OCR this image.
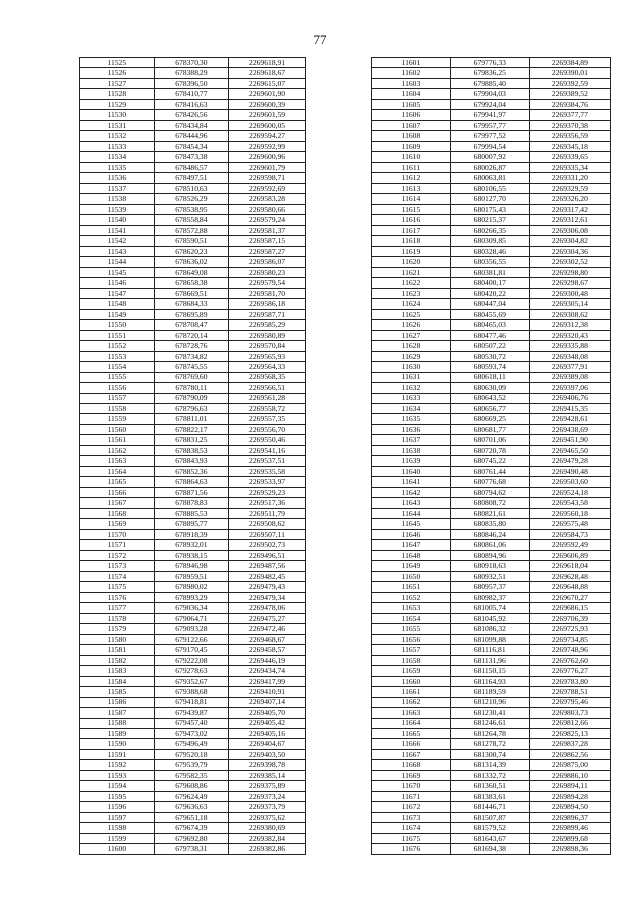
77
11525	678370,30	2269618,91
11526	678388,29	2269618,67
11527	678396,50	2269615,07
11528	678410,77	2269601,90
11529	678416,63	2269600,39
11530	678426,56	2269601,59
11531	678434,84	2269600,05
11532	678444,96	2269594,27
11533	678454,34	2269592,99
11534	678473,38	2269600,96
11535	678486,57	2269601,79
11536	678497,51	2269598,71
11537	678510,63	2269592,69
11538	678526,29	2269583,28
11539	678538,95	2269580,66
11540	678558,84	2269579,24
11541	678572,88	2269581,37
11542	678590,51	2269587,15
11543	678620,23	2269587,27
11544	678636,02	2269586,07
11545	678649,08	2269580,23
11546	678658,38	2269579,54
11547	678669,51	2269581,70
11548	678684,33	2269586,18
11549	678695,89	2269587,71
11550	678708,47	2269585,29
11551	678720,14	2269580,89
11552	678728,76	2269570,84
11553	678734,82	2269565,93
11554	678745,55	2269564,33
11555	678769,60	2269568,35
11556	678780,11	2269566,51
11557	678790,09	2269561,28
11558	678796,63	2269558,72
11559	678811,01	2269557,35
11560	678822,17	2269556,70
11561	678831,25	2269550,46
11562	678838,53	2269541,16
11563	678843,93	2269537,51
11564	678852,36	2269535,58
11565	678864,63	2269533,97
11566	678871,56	2269529,23
11567	678878,83	2269517,36
11568	678885,53	2269511,79
11569	678895,77	2269508,62
11570	678918,39	2269507,11
11571	678932,01	2269502,73
11572	678938,15	2269496,51
11573	678946,98	2269487,56
11574	678959,51	2269482,45
11575	678980,02	2269479,43
11576	678993,29	2269479,34
11577	679036,34	2269478,06
11578	679064,71	2269475,27
11579	679093,28	2269472,46
11580	679122,66	2269468,67
11581	679170,45	2269458,57
11582	679222,08	2269446,19
11583	679278,63	2269434,74
11584	679352,67	2269417,99
11585	679388,68	2269410,91
11586	679418,81	2269407,14
11587	679439,87	2269405,70
11588	679457,40	2269405,42
11589	679473,02	2269405,16
11590	679496,49	2269404,67
11591	679520,18	2269403,50
11592	679539,79	2269398,78
11593	679582,35	2269385,14
11594	679608,86	2269375,89
11595	679624,49	2269373,24
11596	679636,63	2269373,79
11597	679651,18	2269375,62
11598	679674,39	2269380,69
11599	679692,80	2269382,84
11600	679738,31	2269382,86
11601	679776,33	2269384,89
11602	679836,25	2269390,01
11603	679885,40	2269392,59
11604	679904,03	2269389,52
11605	679924,04	2269384,76
11606	679941,97	2269377,77
11607	679957,77	2269370,38
11608	679977,52	2269356,59
11609	679994,54	2269345,18
11610	680007,92	2269339,65
11611	680026,87	2269335,34
11612	680063,81	2269331,20
11613	680106,55	2269329,59
11614	680127,70	2269326,20
11615	680175,43	2269317,42
11616	680215,37	2269312,61
11617	680266,35	2269306,08
11618	680309,85	2269304,82
11619	680328,46	2269304,36
11620	680356,55	2269302,52
11621	680381,81	2269298,80
11622	680400,17	2269298,67
11623	680420,22	2269300,48
11624	680447,04	2269305,14
11625	680455,69	2269308,62
11626	680465,03	2269312,38
11627	680477,46	2269320,43
11628	680507,22	2269335,88
11629	680530,72	2269348,08
11630	680593,74	2269377,91
11631	680618,11	2269389,08
11632	680630,09	2269397,06
11633	680643,52	2269406,76
11634	680656,77	2269415,35
11635	680669,25	2269428,61
11636	680681,77	2269438,69
11637	680701,06	2269451,90
11638	680720,78	2269465,50
11639	680745,22	2269479,28
11640	680761,44	2269490,48
11641	680776,68	2269503,60
11642	680794,62	2269524,18
11643	680808,72	2269543,58
11644	680821,61	2269560,18
11645	680835,80	2269575,48
11646	680846,24	2269584,73
11647	680861,06	2269592,49
11648	680894,96	2269606,89
11649	680918,63	2269618,04
11650	680932,51	2269628,48
11651	680957,37	2269648,88
11652	680982,37	2269670,27
11653	681005,74	2269686,15
11654	681045,92	2269706,39
11655	681086,32	2269725,93
11656	681099,88	2269734,85
11657	681116,81	2269748,96
11658	681131,96	2269762,60
11659	681150,15	2269776,27
11660	681164,93	2269783,80
11661	681189,59	2269788,51
11662	681210,96	2269795,46
11663	681230,41	2269803,73
11664	681246,61	2269812,66
11665	681264,78	2269825,13
11666	681278,72	2269837,28
11667	681300,74	2269862,56
11668	681314,39	2269875,00
11669	681332,72	2269886,10
11670	681360,51	2269894,11
11671	681383,61	2269894,28
11672	681446,71	2269894,50
11673	681507,87	2269896,37
11674	681579,52	2269899,46
11675	681643,67	2269899,68
11676	681694,38	2269898,36
